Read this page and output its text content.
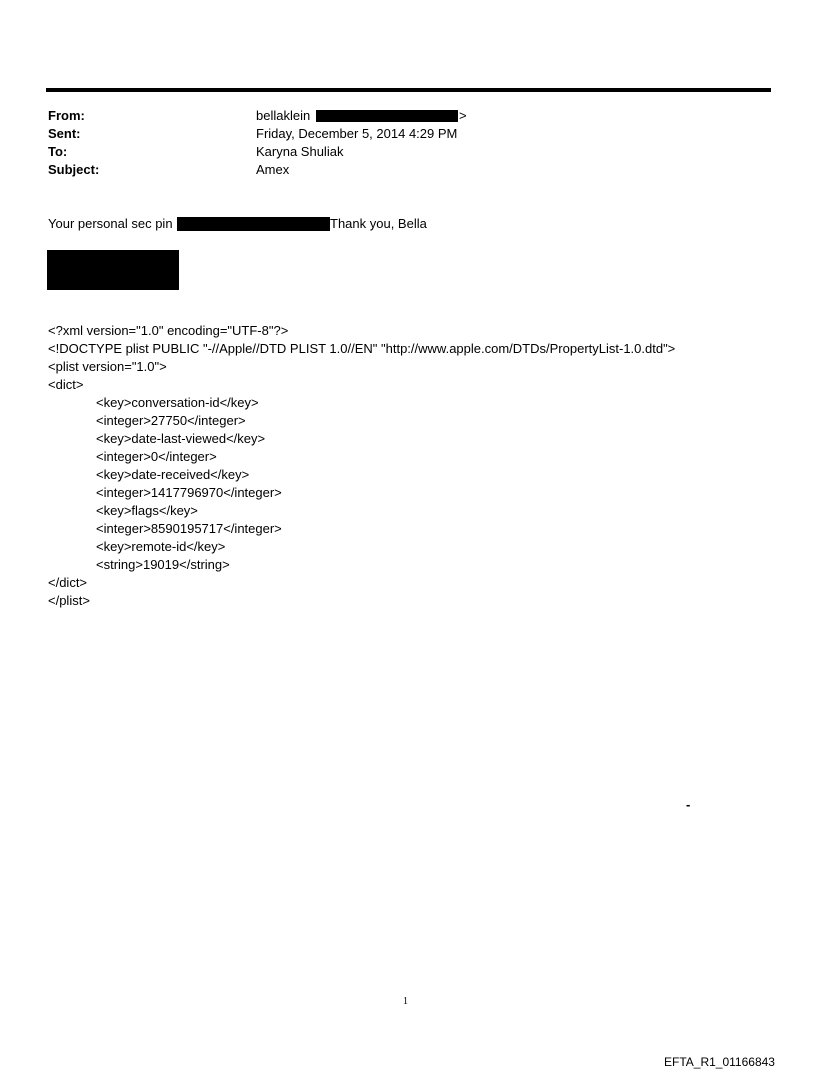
From:	bellaklein	>
Sent:	Friday, December 5, 2014 4:29 PM
To:	Karyna Shuliak
Subject:	Amex
Your personal sec pin	Thank you, Bella
<?xml version="1.0" encoding="UTF-8"?>
<!DOCTYPE plist PUBLIC "-//Apple//DTD PLIST 1.0//EN" "http://www.apple.com/DTDs/PropertyList-1.0.dtd">
<plist version="1.0">
<dict>
<key>conversation-id</key>
<integer>27750</integer>
<key>date-last-viewed</key>
<integer>0</integer>
<key>date-received</key>
<integer>1417796970</integer>
<key>flags</key>
<integer>8590195717</integer>
<key>remote-id</key>
<string>19019</string>
</dict>
</plist>
-
1
EFTA_R1_01166843
